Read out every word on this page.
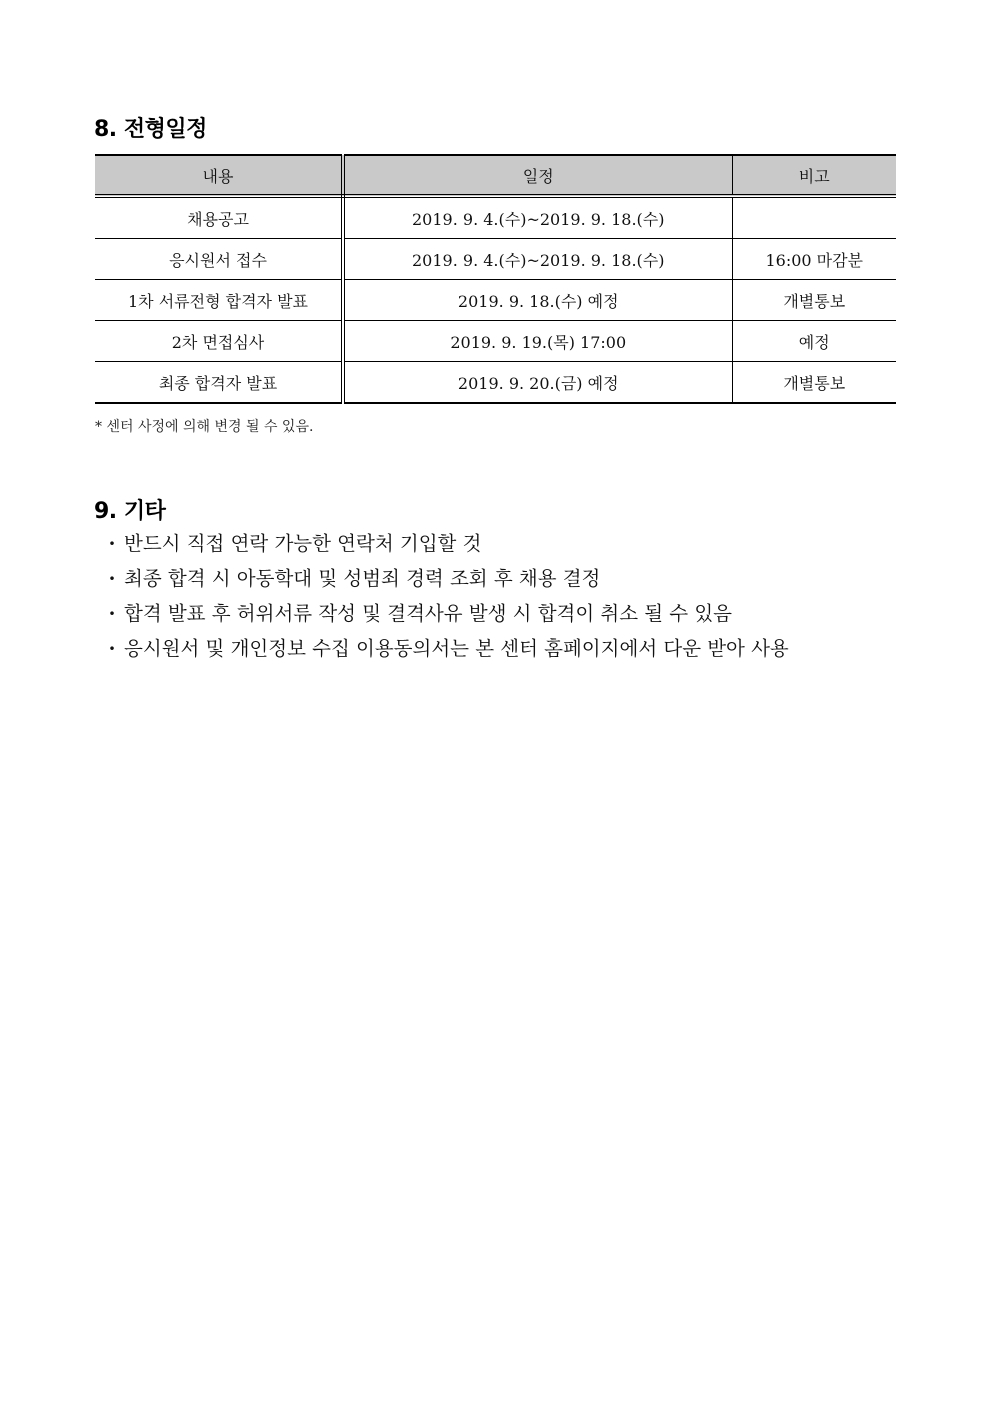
8. 전형일정
내용	일정	비고
채용공고	2019. 9. 4.(수)~2019. 9. 18.(수)	
응시원서 접수	2019. 9. 4.(수)~2019. 9. 18.(수)	16:00 마감분
1차 서류전형 합격자 발표	2019. 9. 18.(수) 예정	개별통보
2차 면접심사	2019. 9. 19.(목) 17:00	예정
최종 합격자 발표	2019. 9. 20.(금) 예정	개별통보
* 센터 사정에 의해 변경 될 수 있음.
9. 기타
· 반드시 직접 연락 가능한 연락처 기입할 것
· 최종 합격 시 아동학대 및 성범죄 경력 조회 후 채용 결정
· 합격 발표 후 허위서류 작성 및 결격사유 발생 시 합격이 취소 될 수 있음
· 응시원서 및 개인정보 수집 이용동의서는 본 센터 홈페이지에서 다운 받아 사용
